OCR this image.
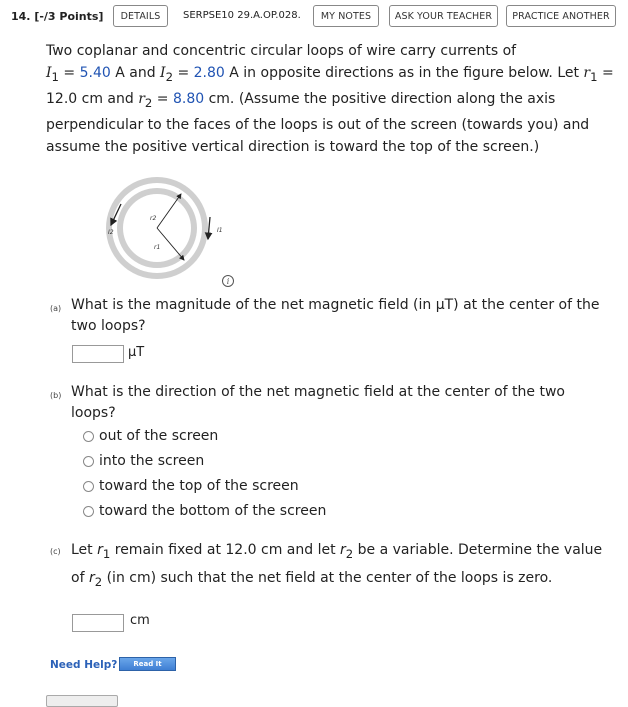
14. [-/3 Points]	DETAILS	SERPSE10 29.A.OP.028.	MY NOTES	ASK YOUR TEACHER	PRACTICE ANOTHER
Two coplanar and concentric circular loops of wire carry currents of
$I_1 = 5.40$ A and $I_2 = 2.80$ A in opposite directions as in the figure below. Let $r_1 = 12.0$ cm and $r_2 = 8.80$ cm. (Assume the positive direction along the axis perpendicular to the faces of the loops is out of the screen (towards you) and assume the positive vertical direction is toward the top of the screen.)
r2
r1
I1
I2
i
(a) What is the magnitude of the net magnetic field (in μT) at the center of the two loops?
μT
(b) What is the direction of the net magnetic field at the center of the two loops?
out of the screen
into the screen
toward the top of the screen
toward the bottom of the screen
(c) Let $r_1$ remain fixed at 12.0 cm and let $r_2$ be a variable. Determine the value of $r_2$ (in cm) such that the net field at the center of the loops is zero.
cm
Need Help?	Read It
